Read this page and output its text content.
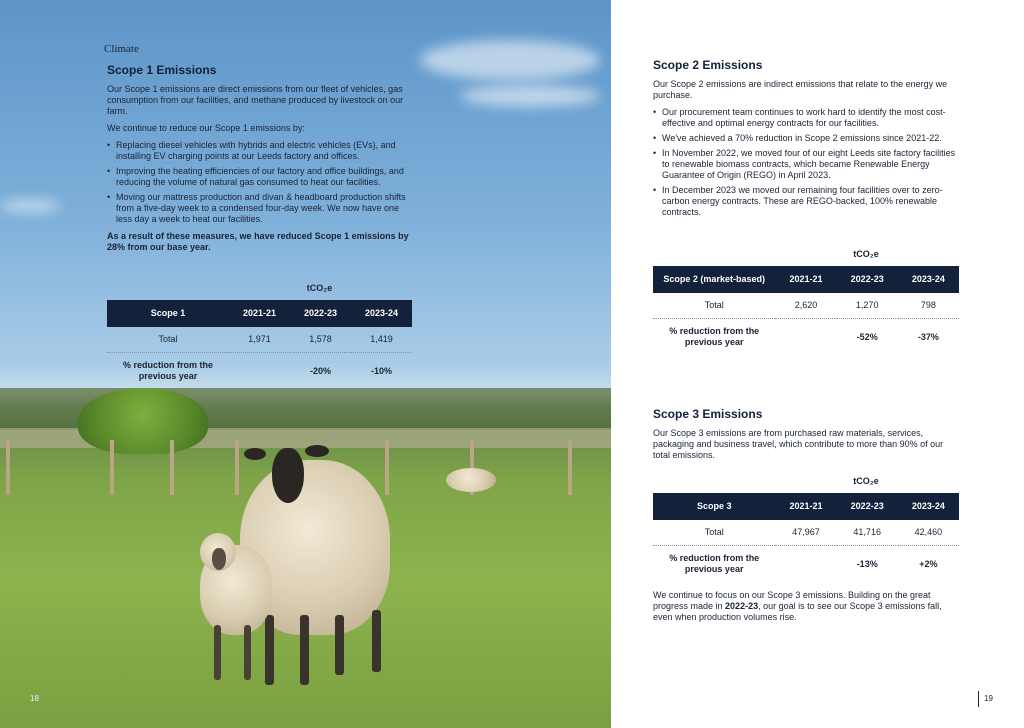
Climate
Scope 1 Emissions

Our Scope 1 emissions are direct emissions from our fleet of vehicles, gas consumption from our facilities, and methane produced by livestock on our farm.

We continue to reduce our Scope 1 emissions by:

• Replacing diesel vehicles with hybrids and electric vehicles (EVs), and installing EV charging points at our Leeds factory and offices.
• Improving the heating efficiencies of our factory and office buildings, and reducing the volume of natural gas consumed to heat our facilities.
• Moving our mattress production and divan & headboard production shifts from a five-day week to a condensed four-day week. We now have one less day a week to heat our facilities.

As a result of these measures, we have reduced Scope 1 emissions by 28% from our base year.

tCO₂e
Scope 1	2021-21	2022-23	2023-24
Total	1,971	1,578	1,419
% reduction from the previous year		-20%	-10%
18
Scope 2 Emissions

Our Scope 2 emissions are indirect emissions that relate to the energy we purchase.

• Our procurement team continues to work hard to identify the most cost-effective and optimal energy contracts for our facilities.
• We've achieved a 70% reduction in Scope 2 emissions since 2021-22.
• In November 2022, we moved four of our eight Leeds site factory facilities to renewable biomass contracts, which became Renewable Energy Guarantee of Origin (REGO) in April 2023.
• In December 2023 we moved our remaining four facilities over to zero-carbon energy contracts. These are REGO-backed, 100% renewable contracts.
tCO₂e
Scope 2 (market-based)	2021-21	2022-23	2023-24
Total	2,620	1,270	798
% reduction from the previous year		-52%	-37%
Scope 3 Emissions

Our Scope 3 emissions are from purchased raw materials, services, packaging and business travel, which contribute to more than 90% of our total emissions.

tCO₂e
Scope 3	2021-21	2022-23	2023-24
Total	47,967	41,716	42,460
% reduction from the previous year		-13%	+2%

We continue to focus on our Scope 3 emissions. Building on the great progress made in 2022-23, our goal is to see our Scope 3 emissions fall, even when production volumes rise.

19
